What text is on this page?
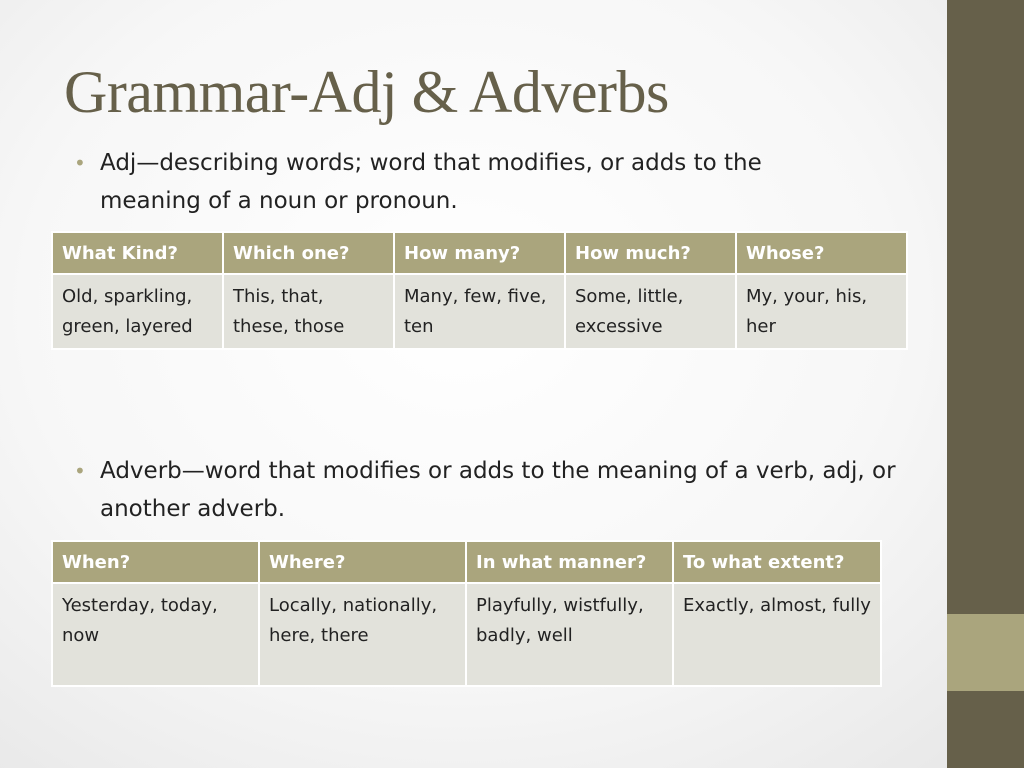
Grammar-Adj & Adverbs
• Adj—describing words; word that modifies, or adds to the meaning of a noun or pronoun.
What Kind?	Which one?	How many?	How much?	Whose?
Old, sparkling, green, layered	This, that, these, those	Many, few, five, ten	Some, little, excessive	My, your, his, her
• Adverb—word that modifies or adds to the meaning of a verb, adj, or another adverb.
When?	Where?	In what manner?	To what extent?
Yesterday, today, now	Locally, nationally, here, there	Playfully, wistfully, badly, well	Exactly, almost, fully
